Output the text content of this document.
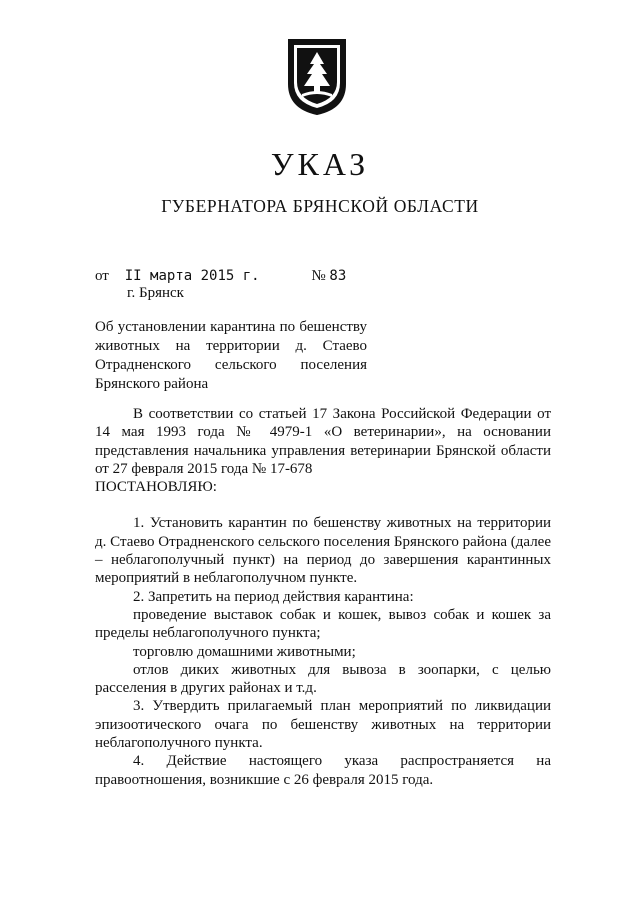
УКАЗ
ГУБЕРНАТОРА БРЯНСКОЙ ОБЛАСТИ
от II марта 2015 г.	№ 83
г. Брянск
Об установлении карантина по бешенству животных на территории д. Стаево Отрадненского сельского поселения Брянского района

В соответствии со статьей 17 Закона Российской Федерации от 14 мая 1993 года № 4979-1 «О ветеринарии», на основании представления начальника управления ветеринарии Брянской области от 27 февраля 2015 года № 17-678

ПОСТАНОВЛЯЮ:

1. Установить карантин по бешенству животных на территории д. Стаево Отрадненского сельского поселения Брянского района (далее – неблагополучный пункт) на период до завершения карантинных мероприятий в неблагополучном пункте.

2. Запретить на период действия карантина:

проведение выставок собак и кошек, вывоз собак и кошек за пределы неблагополучного пункта;

торговлю домашними животными;

отлов диких животных для вывоза в зоопарки, с целью расселения в других районах и т.д.

3. Утвердить прилагаемый план мероприятий по ликвидации эпизоотического очага по бешенству животных на территории неблагополучного пункта.

4. Действие настоящего указа распространяется на правоотношения, возникшие с 26 февраля 2015 года.
